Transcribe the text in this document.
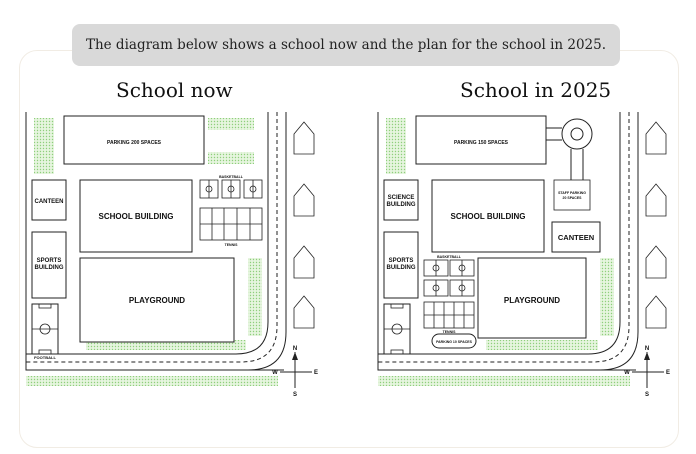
The diagram below shows a school now and the plan for the school in 2025.
School now	School in 2025
PARKING 200 SPACES
CANTEEN
SPORTS
BUILDING
SCHOOL BUILDING
BASKETBALL
TENNIS
PLAYGROUND
FOOTBALL
PARKING 150 SPACES
SCIENCE
BUILDING
SPORTS
BUILDING
SCHOOL BUILDING
STAFF PARKING
20 SPACES
CANTEEN
BASKETBALL
TENNIS
PLAYGROUND
PARKING 10 SPACES
N
S
E
W
N
S
E
W
